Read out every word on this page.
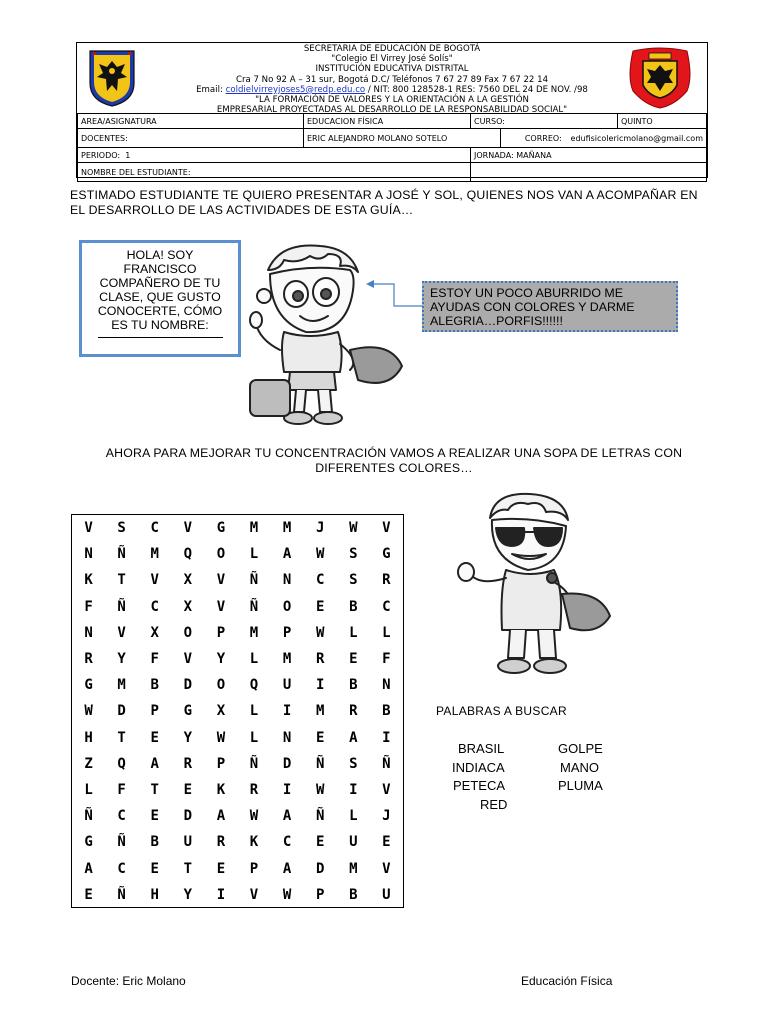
SECRETARIA DE EDUCACIÓN DE BOGOTÁ
"Colegio El Virrey José Solís"
INSTITUCIÓN EDUCATIVA DISTRITAL
Cra 7 No 92 A – 31 sur, Bogotá D.C/ Teléfonos 7 67 27 89 Fax 7 67 22 14
Email: coldielvirreyjoses5@redp.edu.co / NIT: 800 128528-1 RES: 7560 DEL 24 DE NOV. /98
"LA FORMACIÓN DE VALORES Y LA ORIENTACIÓN A LA GESTIÓN
EMPRESARIAL PROYECTADAS AL DESARROLLO DE LA RESPONSABILIDAD SOCIAL"
AREA/ASIGNATURA	EDUCACION FÍSICA	CURSO:	QUINTO
DOCENTES:		ERIC ALEJANDRO MOLANO SOTELO	CORREO:	edufisicolericmolano@gmail.com

PERIODO: 1	JORNADA: MAÑANA
NOMBRE DEL ESTUDIANTE:	
ESTIMADO ESTUDIANTE TE QUIERO PRESENTAR A JOSÉ Y SOL, QUIENES NOS VAN A ACOMPAÑAR EN EL DESARROLLO DE LAS ACTIVIDADES DE ESTA GUÍA…
HOLA! SOY
FRANCISCO
COMPAÑERO DE TU
CLASE, QUE GUSTO
CONOCERTE, CÓMO
ES TU NOMBRE:
ESTOY UN POCO ABURRIDO ME
AYUDAS CON COLORES Y DARME
ALEGRIA…PORFIS!!!!!!
AHORA PARA MEJORAR TU CONCENTRACIÓN VAMOS A REALIZAR UNA SOPA DE LETRAS CON
DIFERENTES COLORES…
V	S	C	V	G	M	M	J	W	V
N	Ñ	M	Q	O	L	A	W	S	G
K	T	V	X	V	Ñ	N	C	S	R
F	Ñ	C	X	V	Ñ	O	E	B	C
N	V	X	O	P	M	P	W	L	L
R	Y	F	V	Y	L	M	R	E	F
G	M	B	D	O	Q	U	I	B	N
W	D	P	G	X	L	I	M	R	B
H	T	E	Y	W	L	N	E	A	I
Z	Q	A	R	P	Ñ	D	Ñ	S	Ñ
L	F	T	E	K	R	I	W	I	V
Ñ	C	E	D	A	W	A	Ñ	L	J
G	Ñ	B	U	R	K	C	E	U	E
A	C	E	T	E	P	A	D	M	V
E	Ñ	H	Y	I	V	W	P	B	U
PALABRAS A BUSCAR
BRASIL	GOLPE
INDIACA	MANO
PETECA	PLUMA
RED
Docente: Eric Molano	Educación Física
